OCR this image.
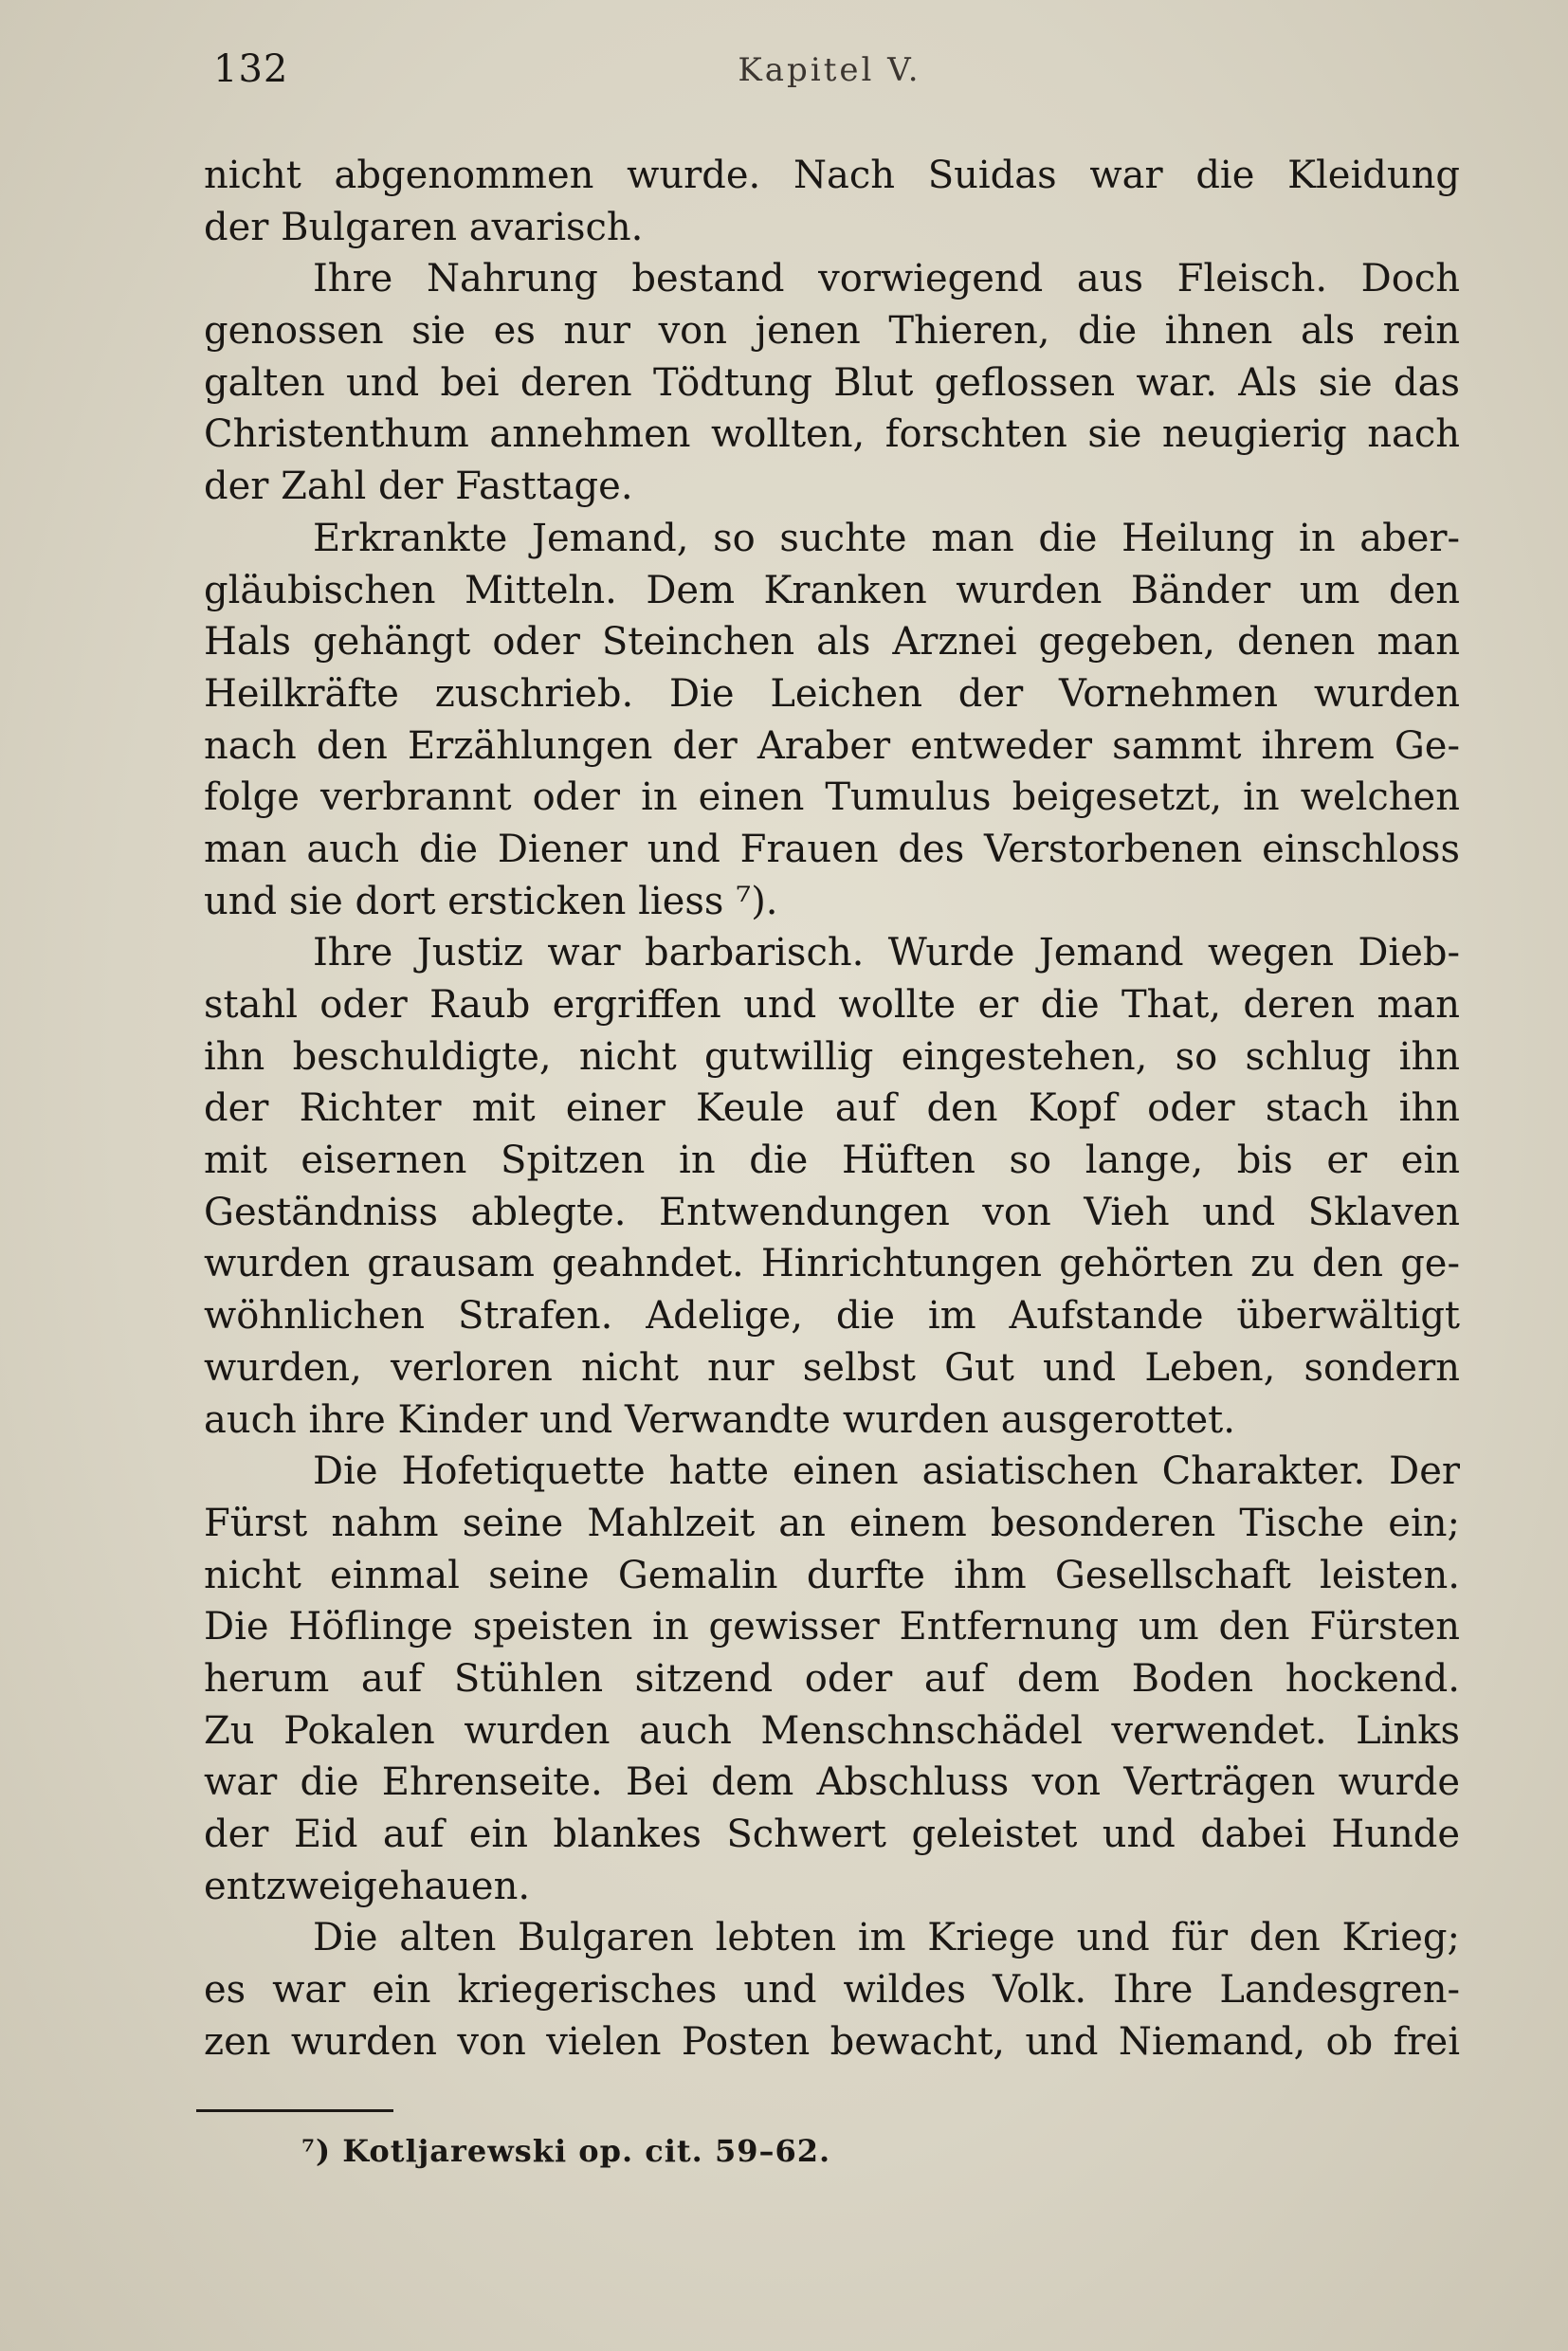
132	Kapitel V.
nicht abgenommen wurde. Nach Suidas war die Kleidung
der Bulgaren avarisch.
Ihre Nahrung bestand vorwiegend aus Fleisch. Doch
genossen sie es nur von jenen Thieren, die ihnen als rein
galten und bei deren Tödtung Blut geflossen war. Als sie das
Christenthum annehmen wollten, forschten sie neugierig nach
der Zahl der Fasttage.
Erkrankte Jemand, so suchte man die Heilung in aber-
gläubischen Mitteln. Dem Kranken wurden Bänder um den
Hals gehängt oder Steinchen als Arznei gegeben, denen man
Heilkräfte zuschrieb. Die Leichen der Vornehmen wurden
nach den Erzählungen der Araber entweder sammt ihrem Ge-
folge verbrannt oder in einen Tumulus beigesetzt, in welchen
man auch die Diener und Frauen des Verstorbenen einschloss
und sie dort ersticken liess ⁷).
Ihre Justiz war barbarisch. Wurde Jemand wegen Dieb-
stahl oder Raub ergriffen und wollte er die That, deren man
ihn beschuldigte, nicht gutwillig eingestehen, so schlug ihn
der Richter mit einer Keule auf den Kopf oder stach ihn
mit eisernen Spitzen in die Hüften so lange, bis er ein
Geständniss ablegte. Entwendungen von Vieh und Sklaven
wurden grausam geahndet. Hinrichtungen gehörten zu den ge-
wöhnlichen Strafen. Adelige, die im Aufstande überwältigt
wurden, verloren nicht nur selbst Gut und Leben, sondern
auch ihre Kinder und Verwandte wurden ausgerottet.
Die Hofetiquette hatte einen asiatischen Charakter. Der
Fürst nahm seine Mahlzeit an einem besonderen Tische ein;
nicht einmal seine Gemalin durfte ihm Gesellschaft leisten.
Die Höflinge speisten in gewisser Entfernung um den Fürsten
herum auf Stühlen sitzend oder auf dem Boden hockend.
Zu Pokalen wurden auch Menschnschädel verwendet. Links
war die Ehrenseite. Bei dem Abschluss von Verträgen wurde
der Eid auf ein blankes Schwert geleistet und dabei Hunde
entzweigehauen.
Die alten Bulgaren lebten im Kriege und für den Krieg;
es war ein kriegerisches und wildes Volk. Ihre Landesgren-
zen wurden von vielen Posten bewacht, und Niemand, ob frei
⁷) Kotljarewski op. cit. 59–62.
